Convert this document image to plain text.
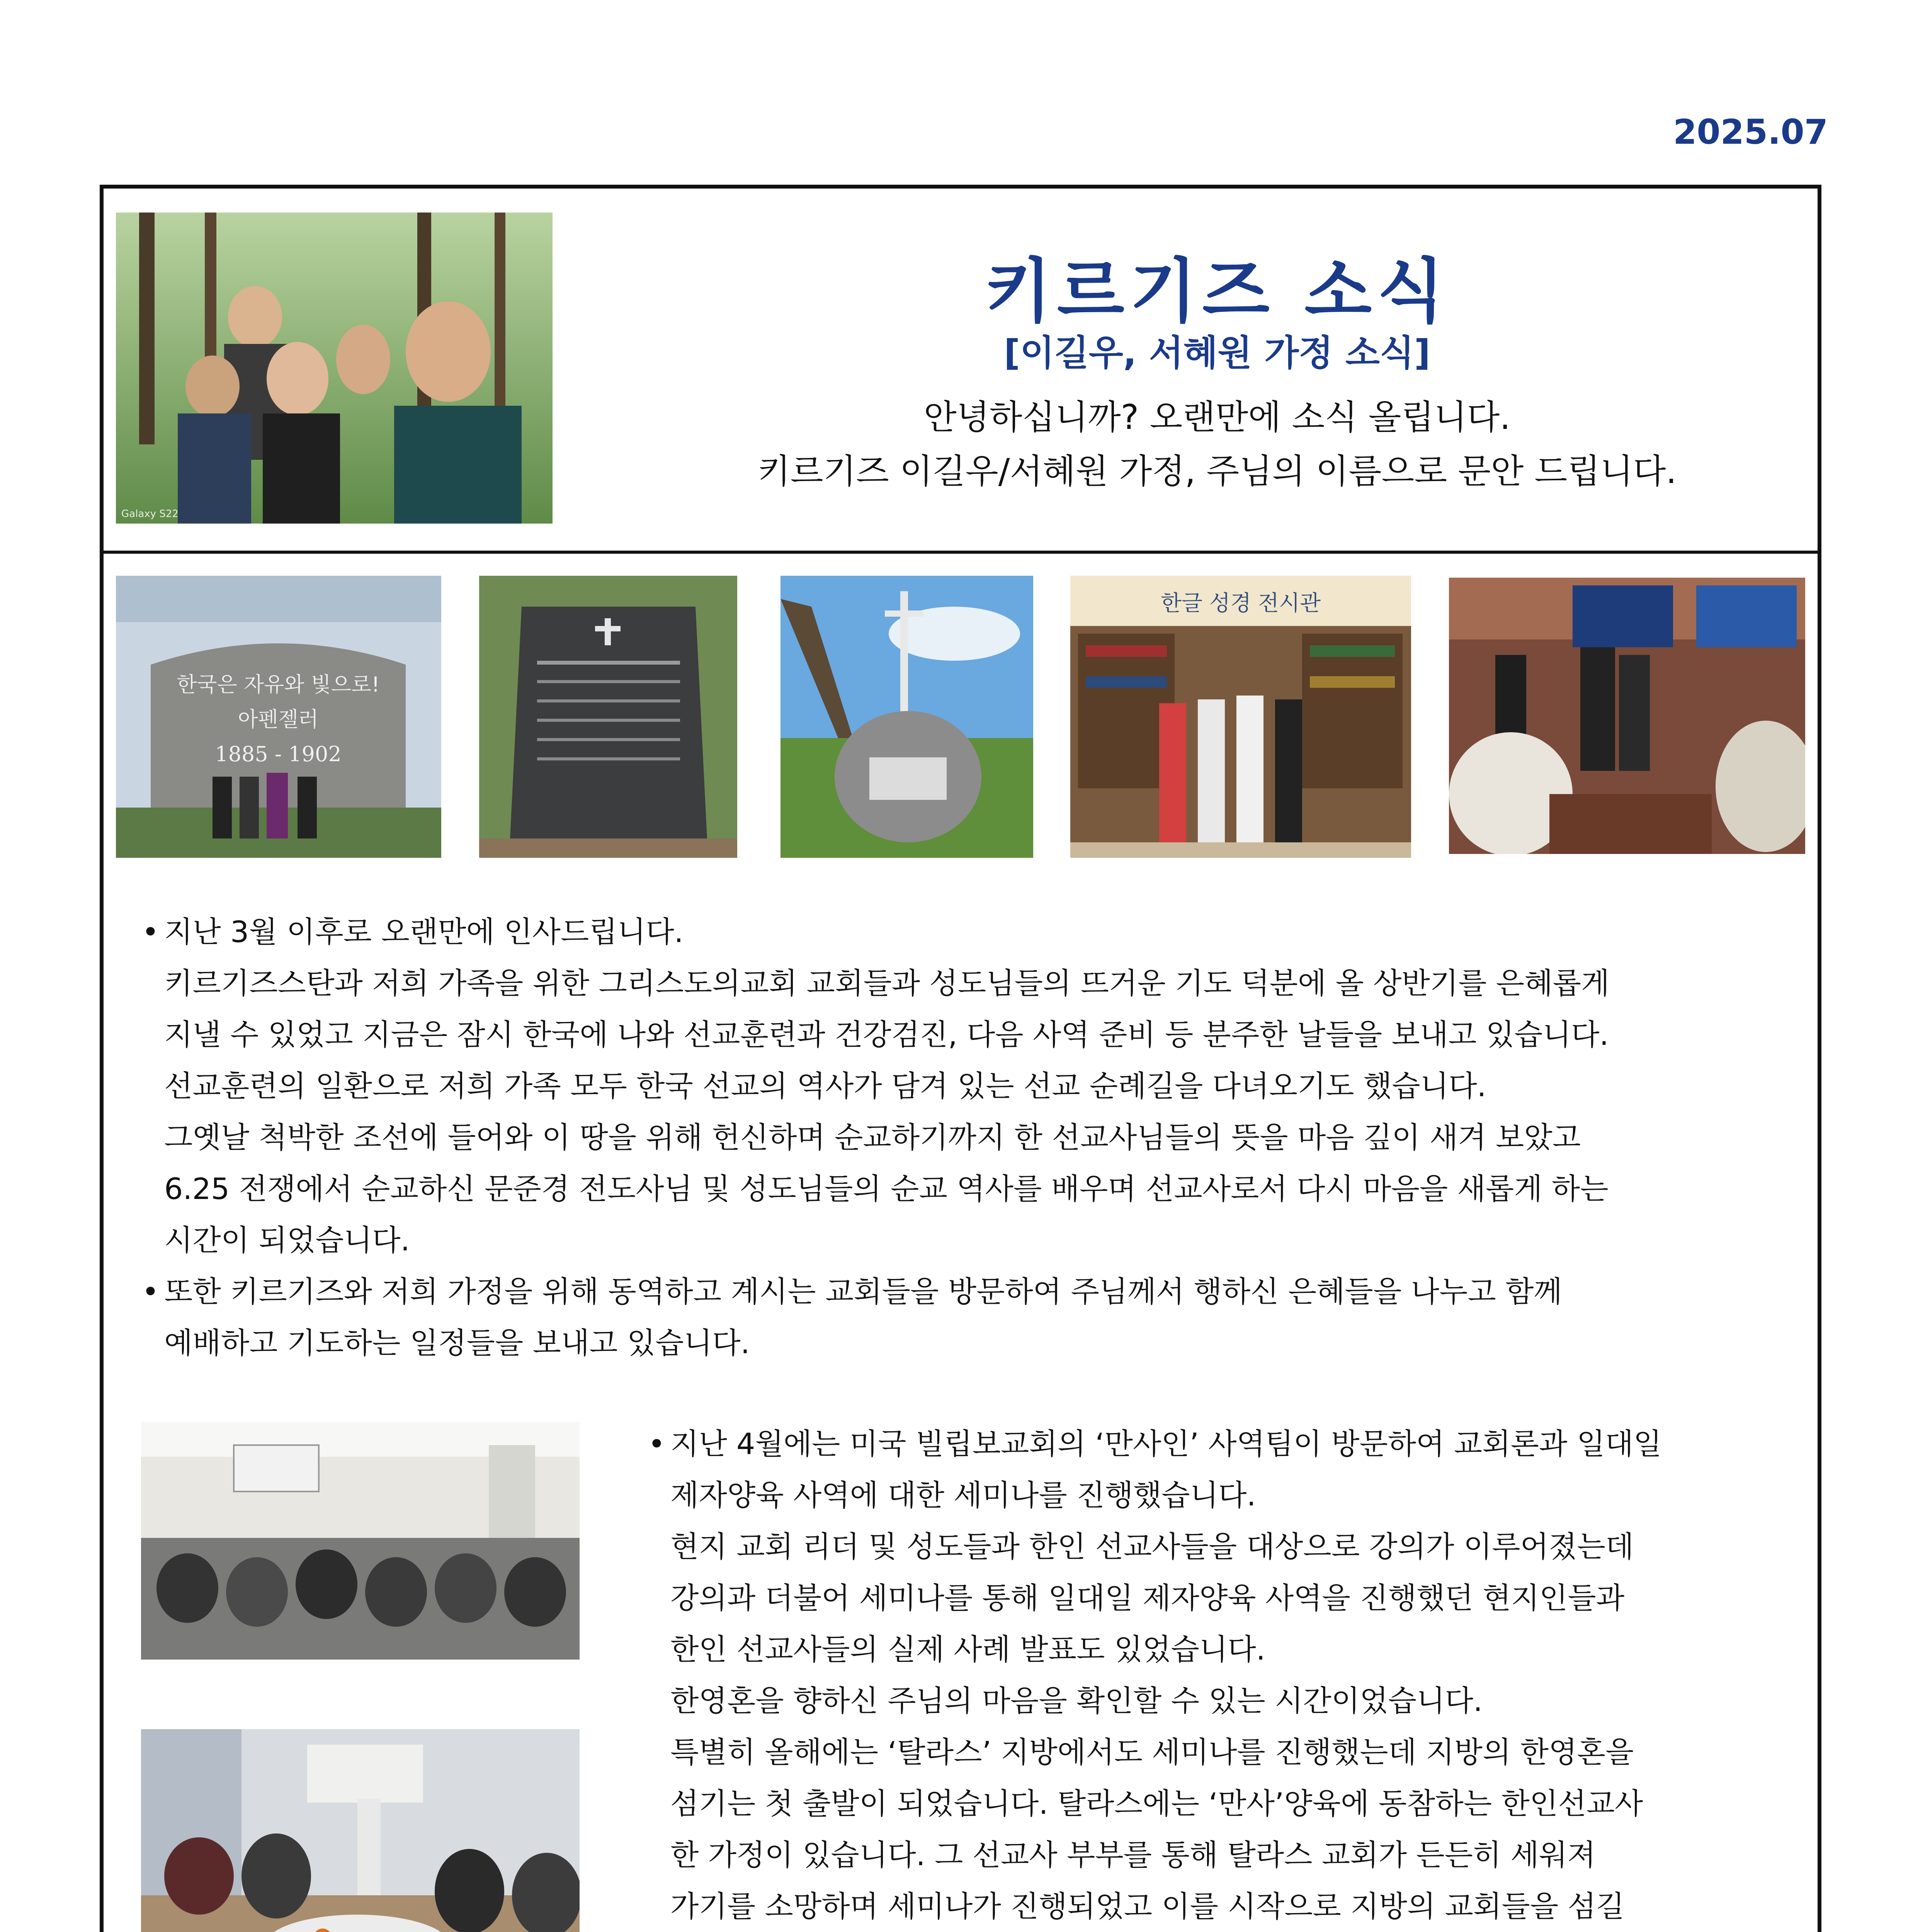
2025.07
Galaxy S22
키르기즈 소식
[이길우, 서혜원 가정 소식]
안녕하십니까? 오랜만에 소식 올립니다.
키르기즈 이길우/서혜원 가정, 주님의 이름으로 문안 드립니다.
한국은 자유와 빛으로!
아펜젤러
1885 - 1902
한글 성경 전시관

• 지난 3월 이후로 오랜만에 인사드립니다.

키르기즈스탄과 저희 가족을 위한 그리스도의교회 교회들과 성도님들의 뜨거운 기도 덕분에 올 상반기를 은혜롭게

지낼 수 있었고 지금은 잠시 한국에 나와 선교훈련과 건강검진, 다음 사역 준비 등 분주한 날들을 보내고 있습니다.

선교훈련의 일환으로 저희 가족 모두 한국 선교의 역사가 담겨 있는 선교 순례길을 다녀오기도 했습니다.

그옛날 척박한 조선에 들어와 이 땅을 위해 헌신하며 순교하기까지 한 선교사님들의 뜻을 마음 깊이 새겨 보았고

6.25 전쟁에서 순교하신 문준경 전도사님 및 성도님들의 순교 역사를 배우며 선교사로서 다시 마음을 새롭게 하는

시간이 되었습니다.

• 또한 키르기즈와 저희 가정을 위해 동역하고 계시는 교회들을 방문하여 주님께서 행하신 은혜들을 나누고 함께

예배하고 기도하는 일정들을 보내고 있습니다.

• 지난 4월에는 미국 빌립보교회의 ‘만사인’ 사역팀이 방문하여 교회론과 일대일

제자양육 사역에 대한 세미나를 진행했습니다.

현지 교회 리더 및 성도들과 한인 선교사들을 대상으로 강의가 이루어졌는데

강의과 더불어 세미나를 통해 일대일 제자양육 사역을 진행했던 현지인들과

한인 선교사들의 실제 사례 발표도 있었습니다.

한영혼을 향하신 주님의 마음을 확인할 수 있는 시간이었습니다.

특별히 올해에는 ‘탈라스’ 지방에서도 세미나를 진행했는데 지방의 한영혼을

섬기는 첫 출발이 되었습니다. 탈라스에는 ‘만사’양육에 동참하는 한인선교사

한 가정이 있습니다. 그 선교사 부부를 통해 탈라스 교회가 든든히 세워져

가기를 소망하며 세미나가 진행되었고 이를 시작으로 지방의 교회들을 섬길
